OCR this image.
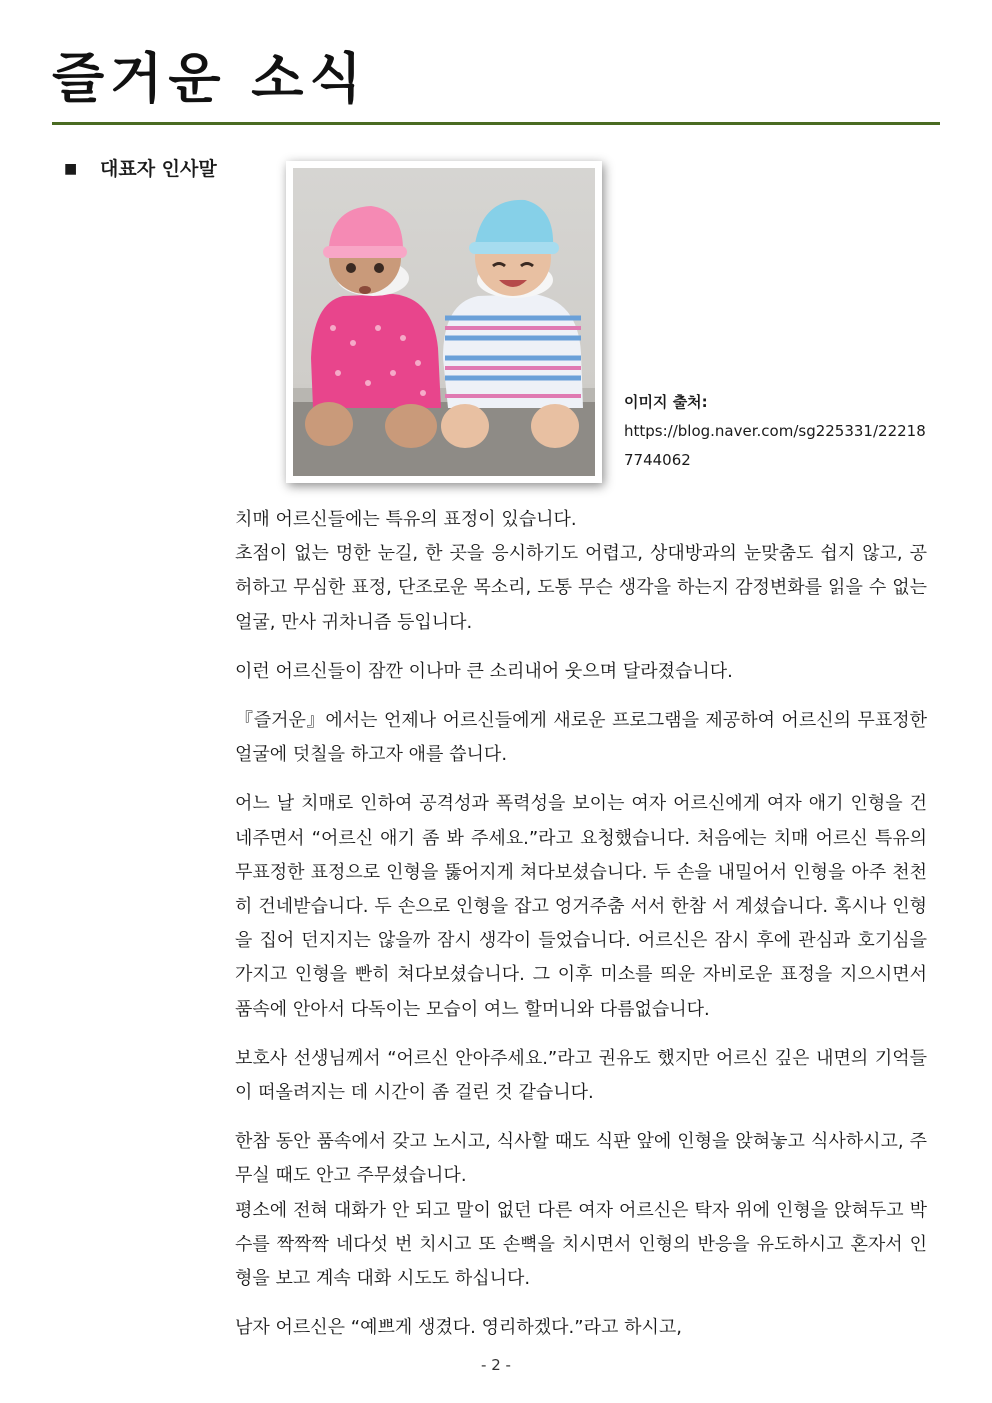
즐거운 소식
■ 대표자 인사말
이미지 출처:
https://blog.naver.com/sg225331/22218
7744062

치매 어르신들에는 특유의 표정이 있습니다.
초점이 없는 멍한 눈길, 한 곳을 응시하기도 어렵고, 상대방과의 눈맞춤도 쉽지 않고, 공허하고 무심한 표정, 단조로운 목소리, 도통 무슨 생각을 하는지 감정변화를 읽을 수 없는 얼굴, 만사 귀차니즘 등입니다.

이런 어르신들이 잠깐 이나마 큰 소리내어 웃으며 달라졌습니다.

『즐거운』에서는 언제나 어르신들에게 새로운 프로그램을 제공하여 어르신의 무표정한 얼굴에 덧칠을 하고자 애를 씁니다.

어느 날 치매로 인하여 공격성과 폭력성을 보이는 여자 어르신에게 여자 애기 인형을 건네주면서 “어르신 애기 좀 봐 주세요.”라고 요청했습니다. 처음에는 치매 어르신 특유의 무표정한 표정으로 인형을 뚫어지게 쳐다보셨습니다. 두 손을 내밀어서 인형을 아주 천천히 건네받습니다. 두 손으로 인형을 잡고 엉거주춤 서서 한참 서 계셨습니다. 혹시나 인형을 집어 던지지는 않을까 잠시 생각이 들었습니다. 어르신은 잠시 후에 관심과 호기심을 가지고 인형을 빤히 쳐다보셨습니다. 그 이후 미소를 띄운 자비로운 표정을 지으시면서 품속에 안아서 다독이는 모습이 여느 할머니와 다름없습니다.

보호사 선생님께서 “어르신 안아주세요.”라고 권유도 했지만 어르신 깊은 내면의 기억들이 떠올려지는 데 시간이 좀 걸린 것 같습니다.

한참 동안 품속에서 갖고 노시고, 식사할 때도 식판 앞에 인형을 앉혀놓고 식사하시고, 주무실 때도 안고 주무셨습니다.
평소에 전혀 대화가 안 되고 말이 없던 다른 여자 어르신은 탁자 위에 인형을 앉혀두고 박수를 짝짝짝 네다섯 번 치시고 또 손뼉을 치시면서 인형의 반응을 유도하시고 혼자서 인형을 보고 계속 대화 시도도 하십니다.

남자 어르신은 “예쁘게 생겼다. 영리하겠다.”라고 하시고,

- 2 -
